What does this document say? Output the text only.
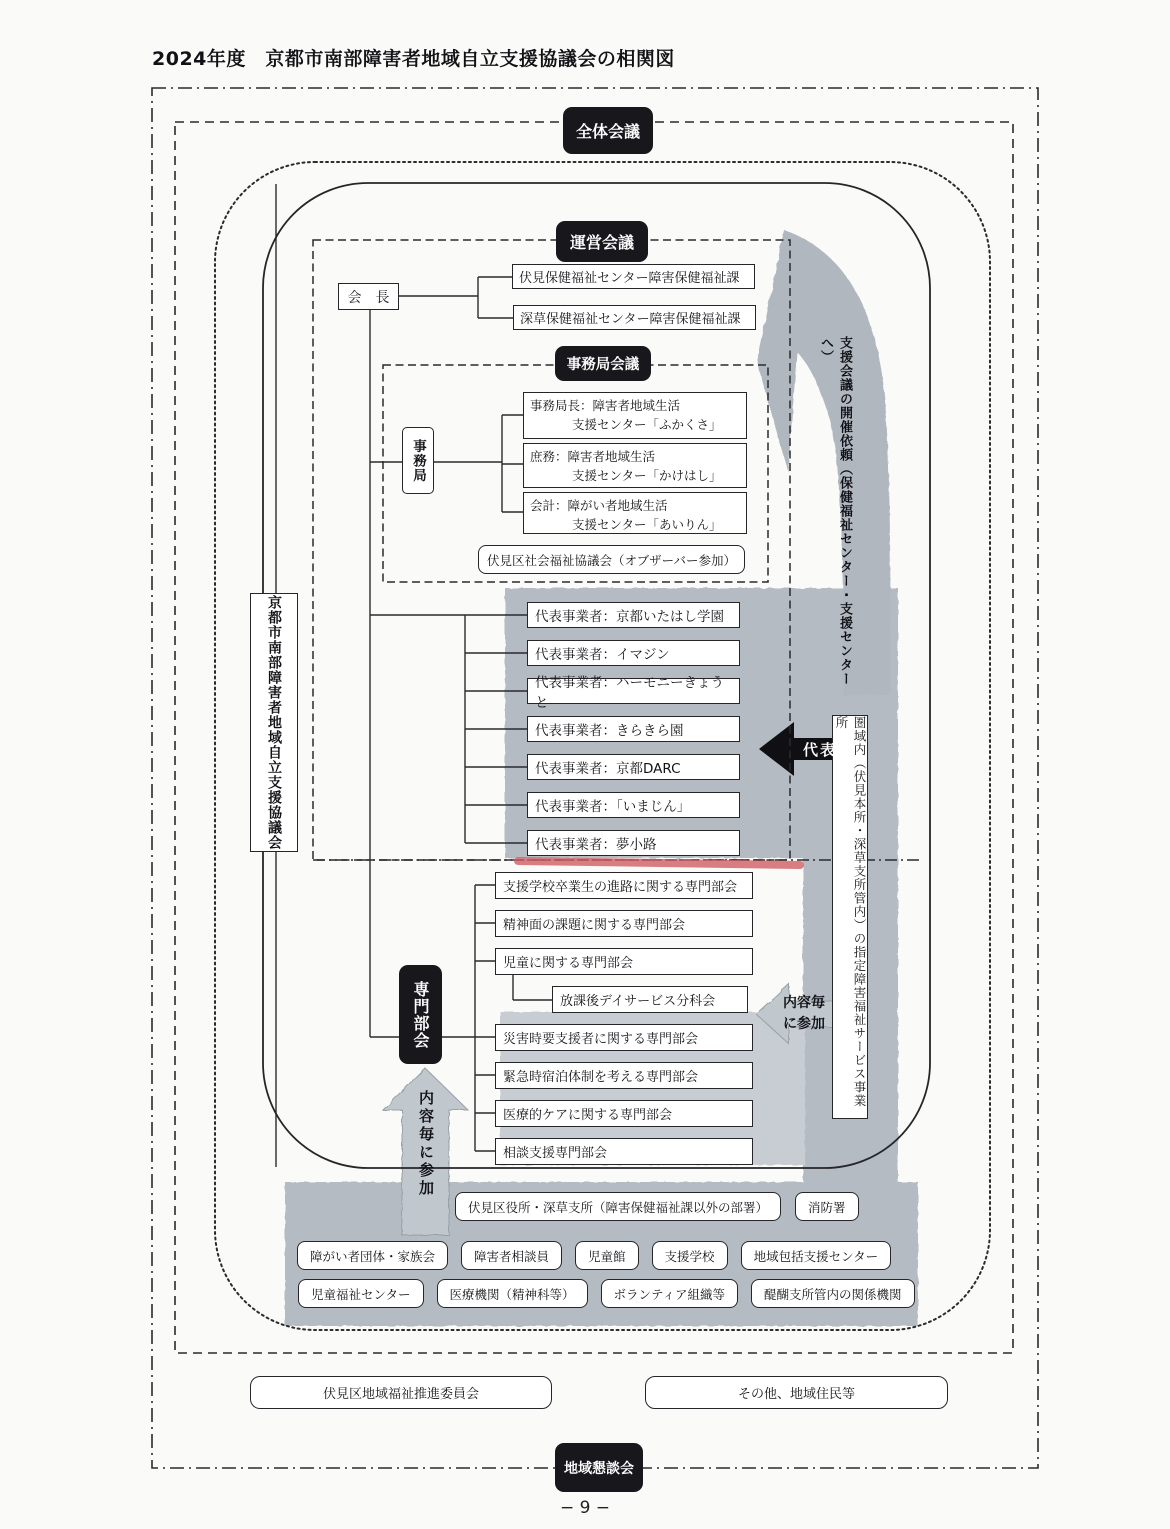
2024年度　京都市南部障害者地域自立支援協議会の相関図
全体会議
運営会議
事務局会議
専門部会
地域懇談会
会　長
伏見保健福祉センター障害保健福祉課
深草保健福祉センター障害保健福祉課
事務局
事務局長：障害者地域生活
支援センター「ふかくさ」
庶務：障害者地域生活
支援センター「かけはし」
会計：障がい者地域生活
支援センター「あいりん」
伏見区社会福祉協議会（オブザーバー参加）
京都市南部障害者地域自立支援協議会	代表事業者：京都いたはし学園
代表事業者：イマジン
代表事業者：ハーモニーきょうと
代表事業者：きらきら園
代表事業者：京都DARC
代表事業者：「いまじん」
代表事業者：夢小路
支援学校卒業生の進路に関する専門部会
精神面の課題に関する専門部会
児童に関する専門部会
放課後デイサービス分科会
災害時要支援者に関する専門部会
緊急時宿泊体制を考える専門部会
医療的ケアに関する専門部会
相談支援専門部会
圏域内（伏見本所・深草支所管内）の指定障害福祉サービス事業所
支援会議の開催依頼（保健福祉センター・支援センターへ）
代表
内容毎
に参加
内容毎に参加
伏見区役所・深草支所（障害保健福祉課以外の部署）	消防署
障がい者団体・家族会	障害者相談員	児童館	支援学校	地域包括支援センター
児童福祉センター	医療機関（精神科等）	ボランティア組織等	醍醐支所管内の関係機関
伏見区地域福祉推進委員会	その他、地域住民等
− 9 −
